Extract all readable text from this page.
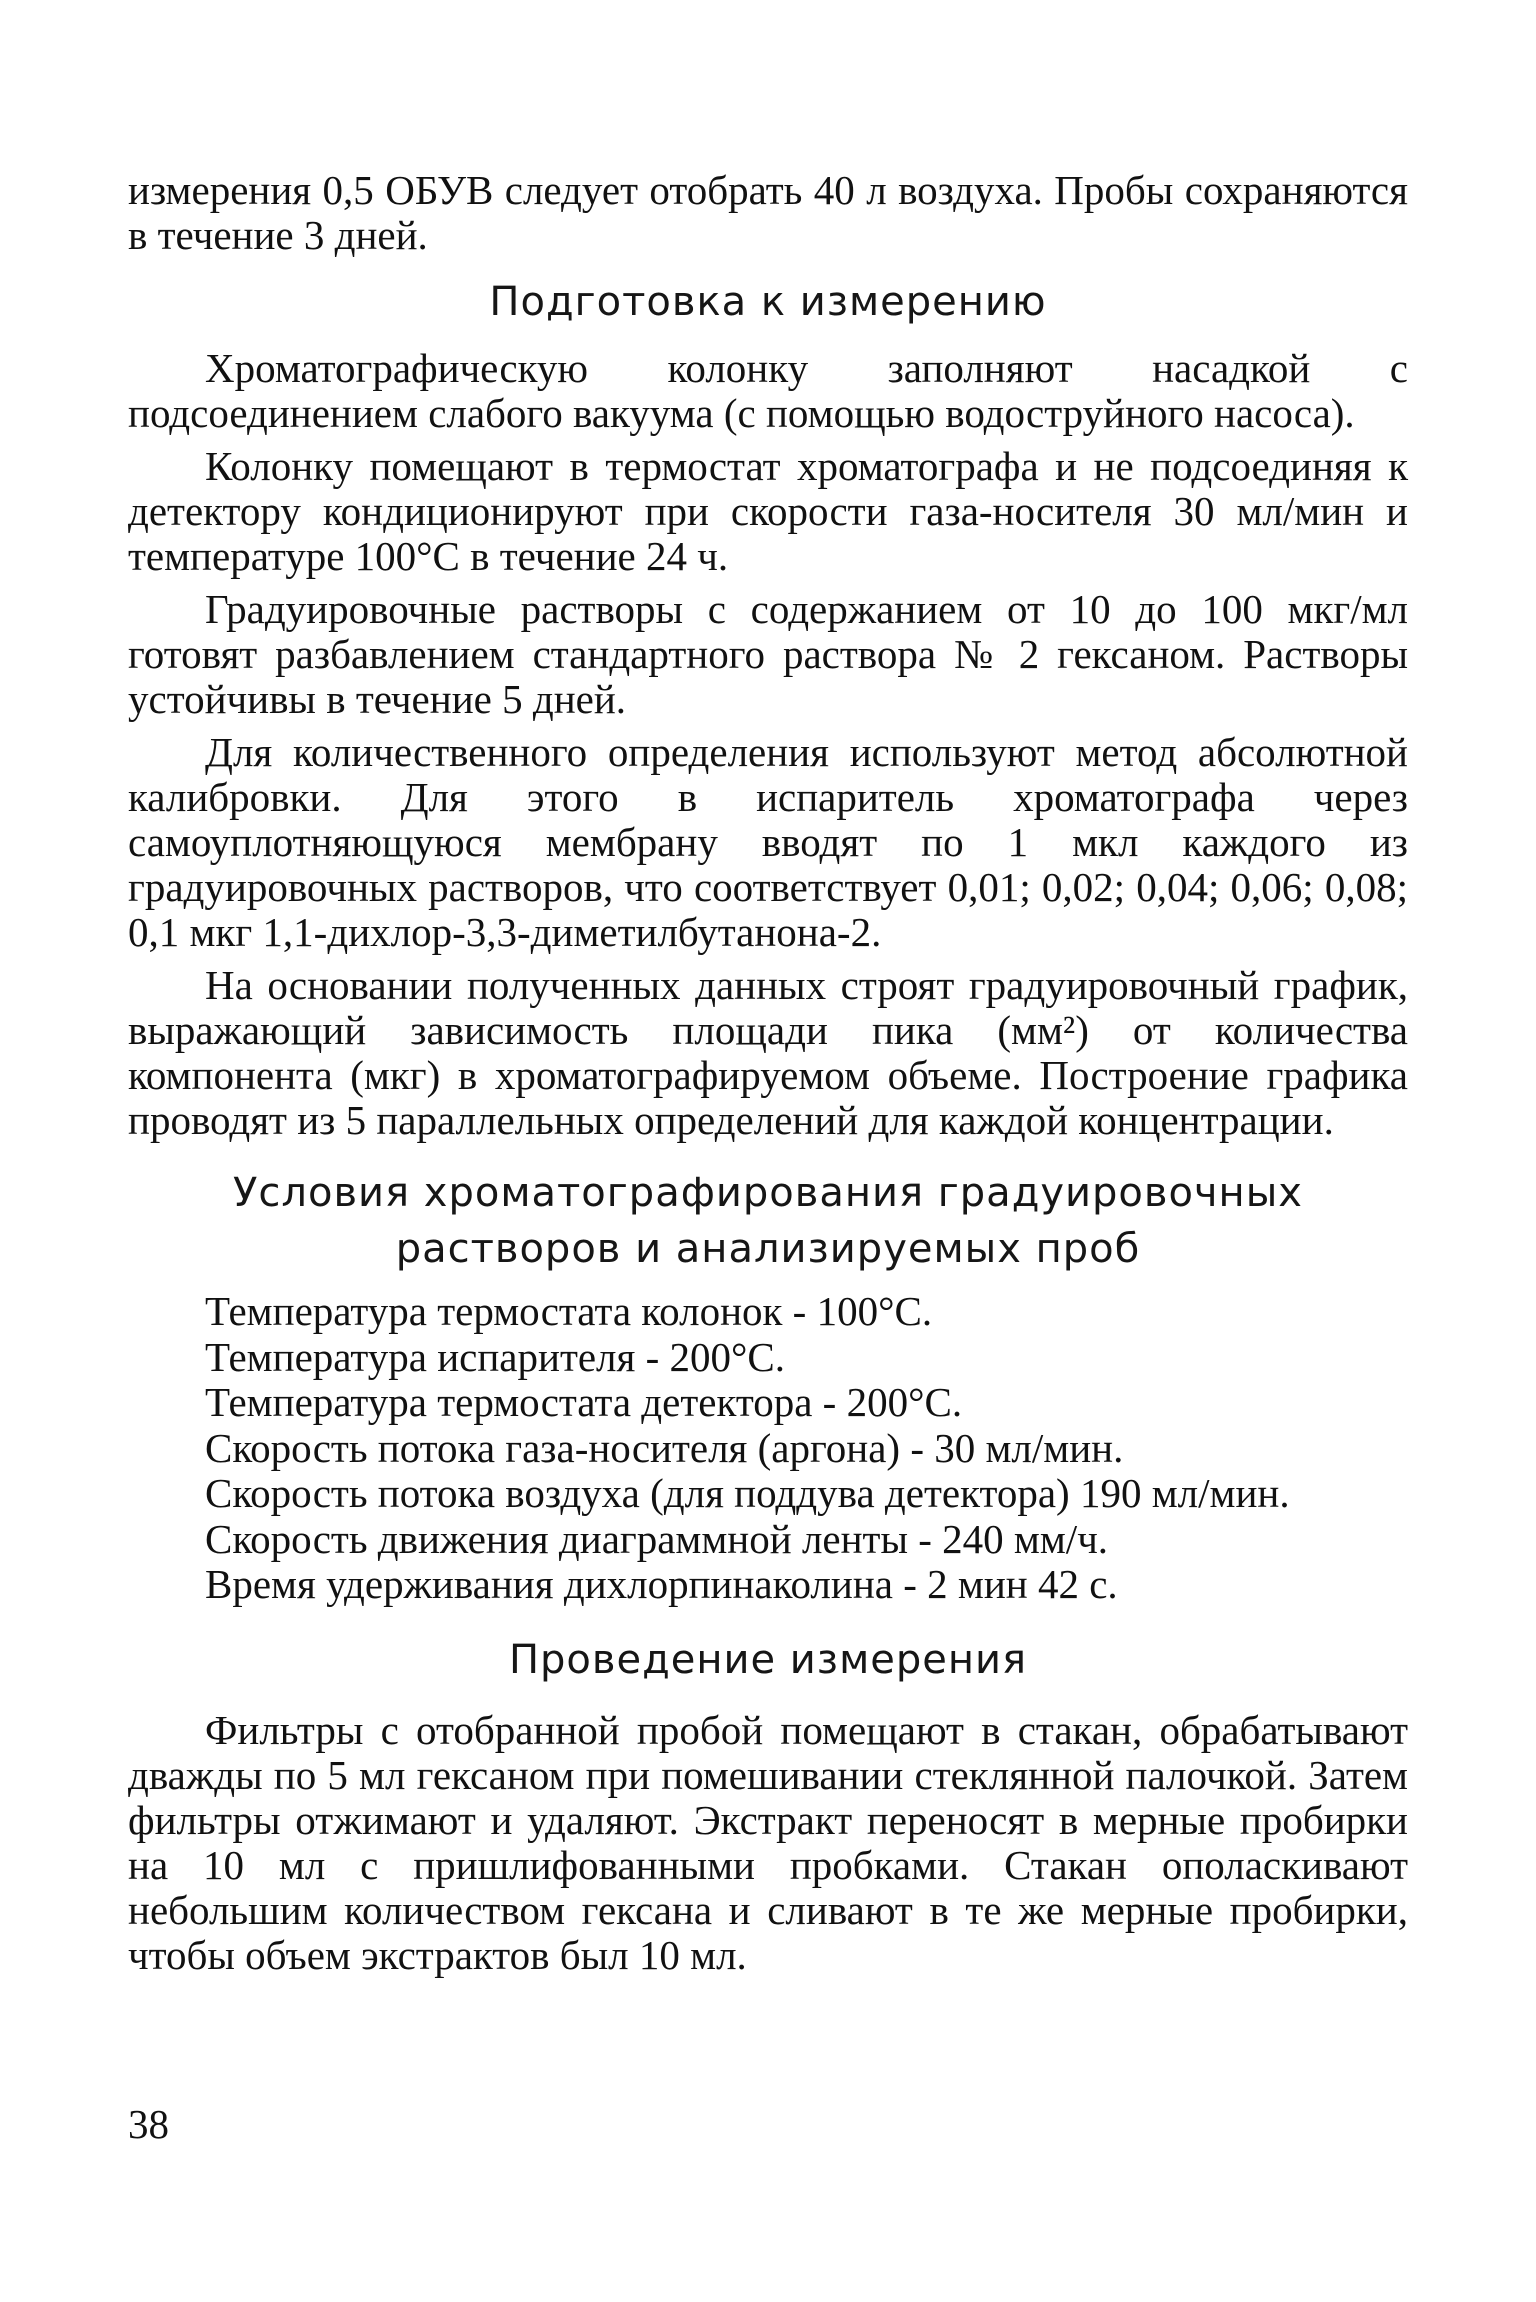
измерения 0,5 ОБУВ следует отобрать 40 л воздуха. Пробы сохраняются в течение 3 дней.

Подготовка к измерению

Хроматографическую колонку заполняют насадкой с подсоединением слабого вакуума (с помощью водоструйного насоса).

Колонку помещают в термостат хроматографа и не подсоединяя к детектору кондиционируют при скорости газа-носителя 30 мл/мин и температуре 100°С в течение 24 ч.

Градуировочные растворы с содержанием от 10 до 100 мкг/мл готовят разбавлением стандартного раствора № 2 гексаном. Растворы устойчивы в течение 5 дней.

Для количественного определения используют метод абсолютной калибровки. Для этого в испаритель хроматографа через самоуплотняющуюся мембрану вводят по 1 мкл каждого из градуировочных растворов, что соответствует 0,01; 0,02; 0,04; 0,06; 0,08; 0,1 мкг 1,1-дихлор-3,3-диметилбутанона-2.

На основании полученных данных строят градуировочный график, выражающий зависимость площади пика (мм²) от количества компонента (мкг) в хроматографируемом объеме. Построение графика проводят из 5 параллельных определений для каждой концентрации.

Условия хроматографирования градуировочных
растворов и анализируемых проб
Температура термостата колонок - 100°С.
Температура испарителя - 200°С.
Температура термостата детектора - 200°С.
Скорость потока газа-носителя (аргона) - 30 мл/мин.
Скорость потока воздуха (для поддува детектора) 190 мл/мин.
Скорость движения диаграммной ленты - 240 мм/ч.
Время удерживания дихлорпинаколина - 2 мин 42 с.
Проведение измерения

Фильтры с отобранной пробой помещают в стакан, обрабатывают дважды по 5 мл гексаном при помешивании стеклянной палочкой. Затем фильтры отжимают и удаляют. Экстракт переносят в мерные пробирки на 10 мл с пришлифованными пробками. Стакан ополаскивают небольшим количеством гексана и сливают в те же мерные пробирки, чтобы объем экстрактов был 10 мл.

38
